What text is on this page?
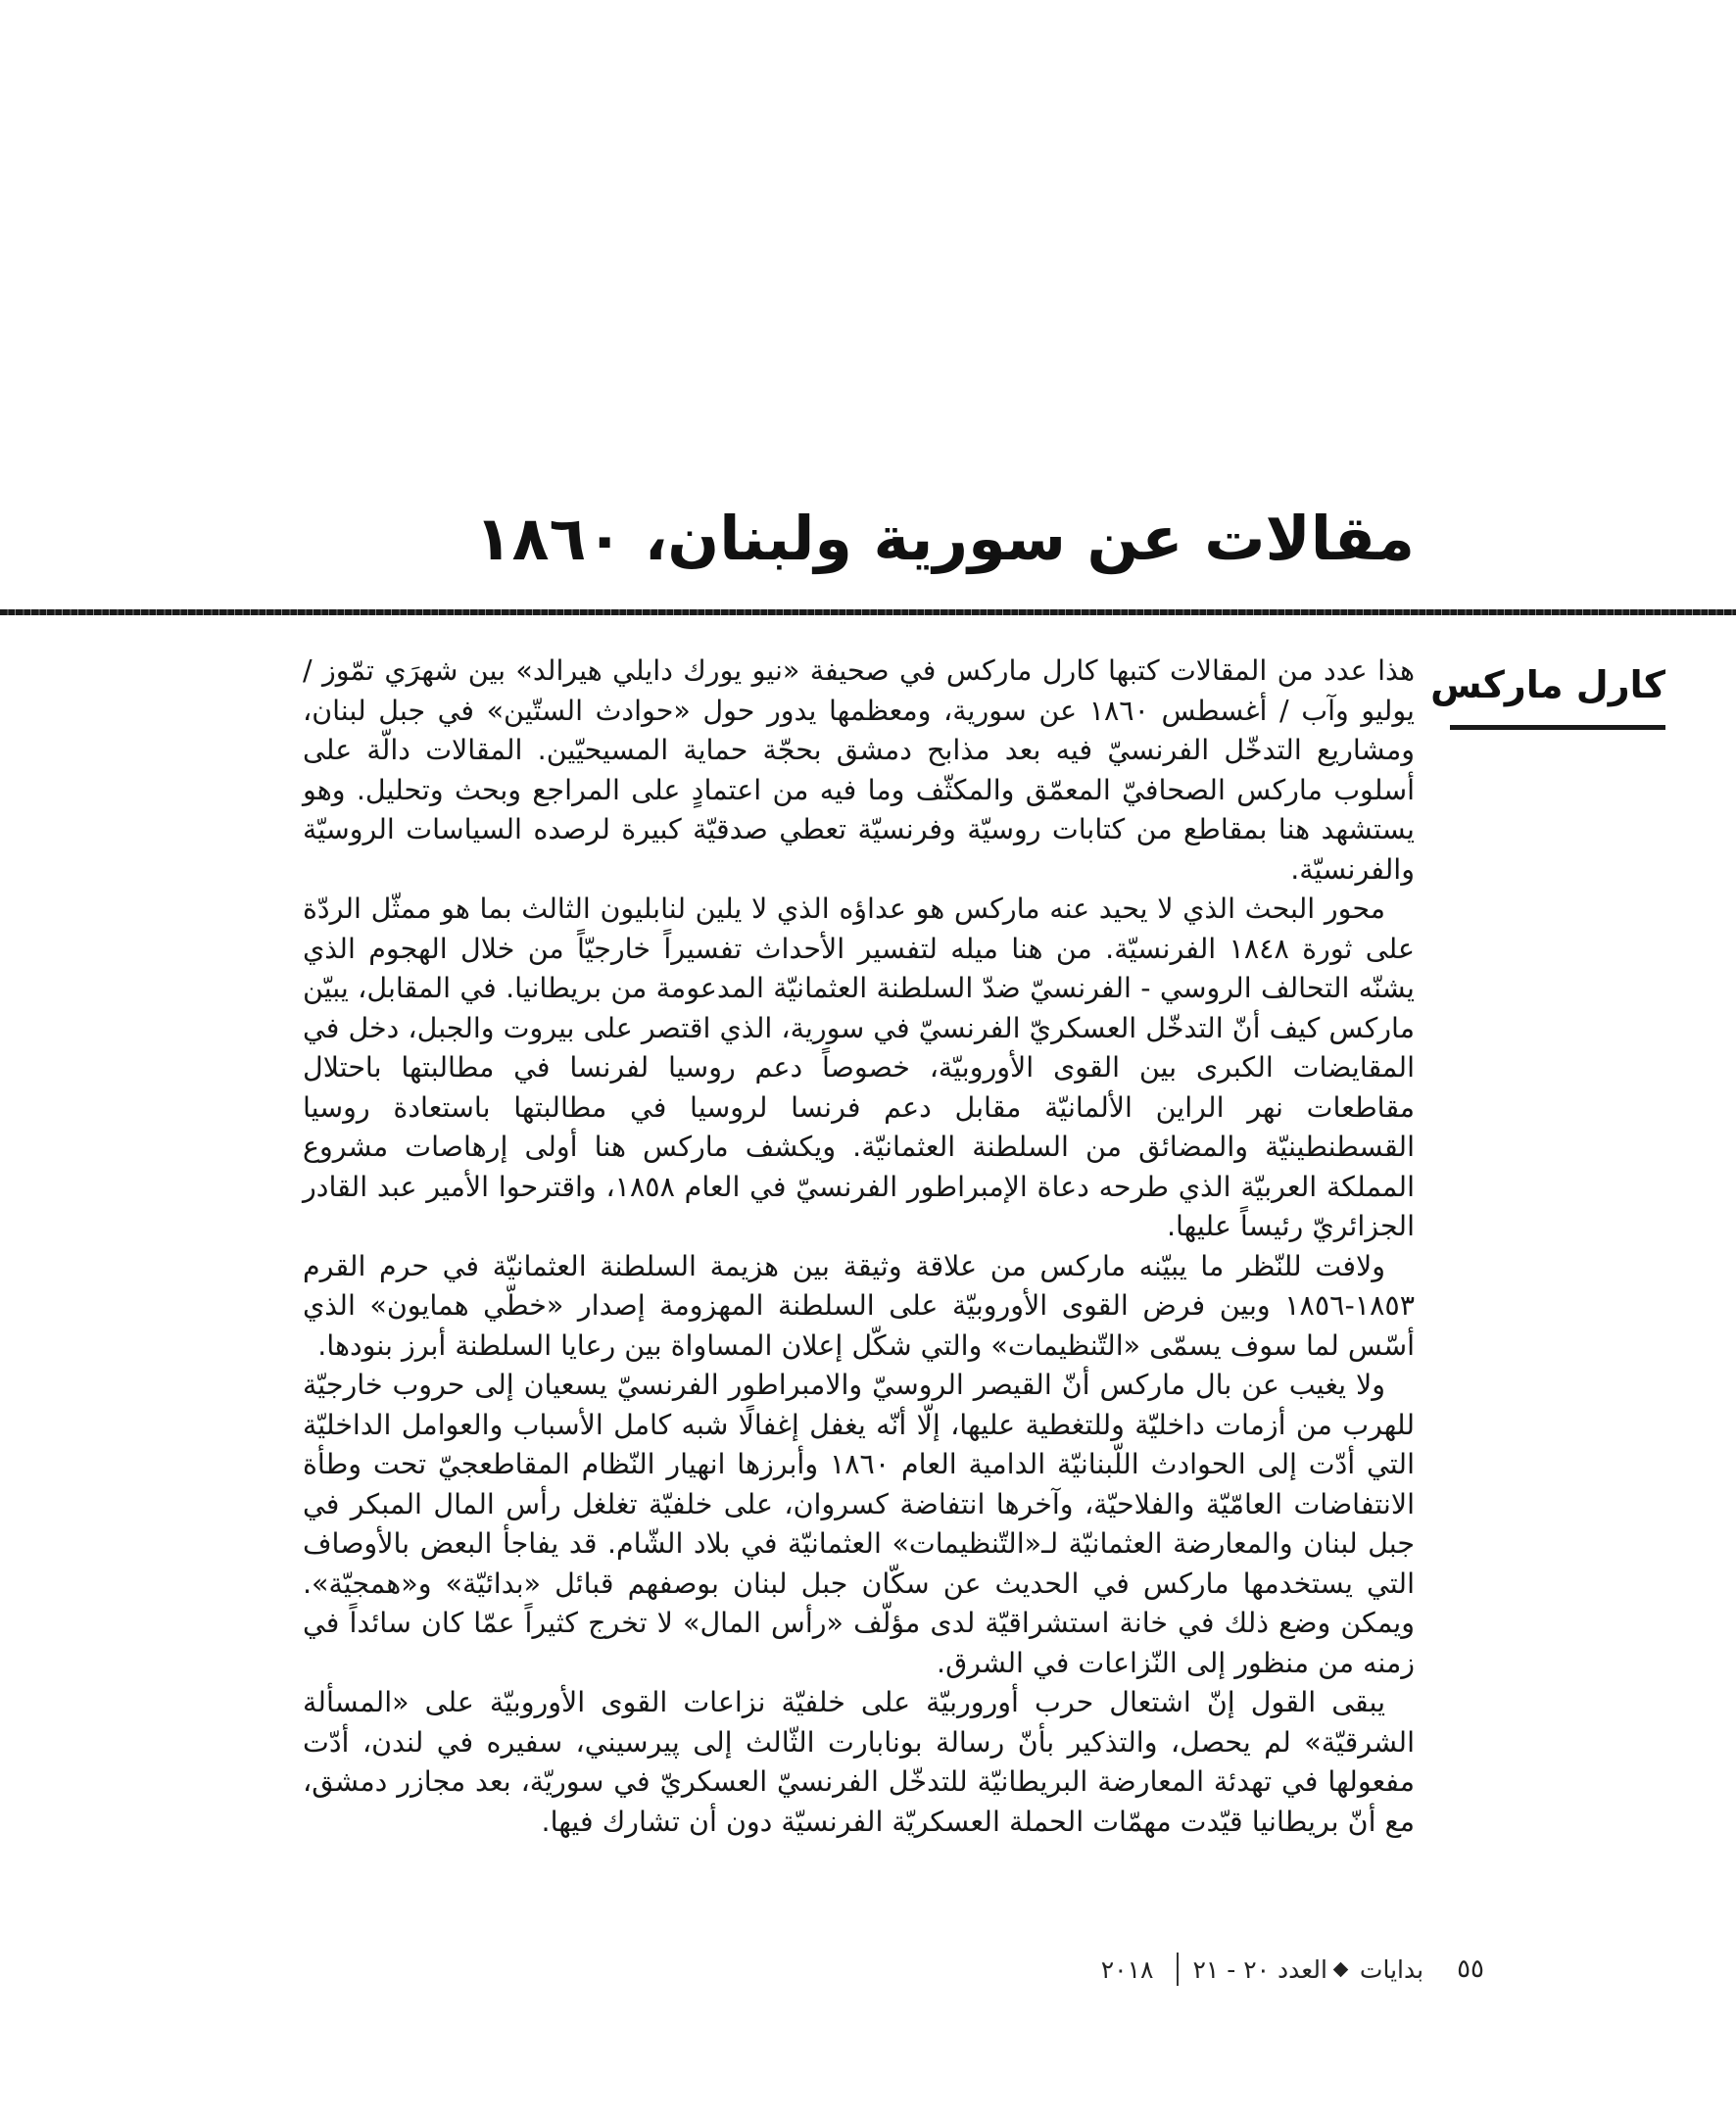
مقالات عن سورية ولبنان، ١٨٦٠
كارل ماركس

هذا عدد من المقالات كتبها كارل ماركس في صحيفة «نيو يورك دايلي هيرالد» بين شهرَي تمّوز / يوليو وآب / أغسطس ١٨٦٠ عن سورية، ومعظمها يدور حول «حوادث الستّين» في جبل لبنان، ومشاريع التدخّل الفرنسيّ فيه بعد مذابح دمشق بحجّة حماية المسيحيّين. المقالات دالّة على أسلوب ماركس الصحافيّ المعمّق والمكثّف وما فيه من اعتمادٍ على المراجع وبحث وتحليل. وهو يستشهد هنا بمقاطع من كتابات روسيّة وفرنسيّة تعطي صدقيّة كبيرة لرصده السياسات الروسيّة والفرنسيّة.

محور البحث الذي لا يحيد عنه ماركس هو عداؤه الذي لا يلين لنابليون الثالث بما هو ممثّل الردّة على ثورة ١٨٤٨ الفرنسيّة. من هنا ميله لتفسير الأحداث تفسيراً خارجيّاً من خلال الهجوم الذي يشنّه التحالف الروسي - الفرنسيّ ضدّ السلطنة العثمانيّة المدعومة من بريطانيا. في المقابل، يبيّن ماركس كيف أنّ التدخّل العسكريّ الفرنسيّ في سورية، الذي اقتصر على بيروت والجبل، دخل في المقايضات الكبرى بين القوى الأوروبيّة، خصوصاً دعم روسيا لفرنسا في مطالبتها باحتلال مقاطعات نهر الراين الألمانيّة مقابل دعم فرنسا لروسيا في مطالبتها باستعادة روسيا القسطنطينيّة والمضائق من السلطنة العثمانيّة. ويكشف ماركس هنا أولى إرهاصات مشروع المملكة العربيّة الذي طرحه دعاة الإمبراطور الفرنسيّ في العام ١٨٥٨، واقترحوا الأمير عبد القادر الجزائريّ رئيساً عليها.

ولافت للنّظر ما يبيّنه ماركس من علاقة وثيقة بين هزيمة السلطنة العثمانيّة في حرم القرم ١٨٥٣-١٨٥٦ وبين فرض القوى الأوروبيّة على السلطنة المهزومة إصدار «خطّي همايون» الذي أسّس لما سوف يسمّى «التّنظيمات» والتي شكّل إعلان المساواة بين رعايا السلطنة أبرز بنودها.

ولا يغيب عن بال ماركس أنّ القيصر الروسيّ والامبراطور الفرنسيّ يسعيان إلى حروب خارجيّة للهرب من أزمات داخليّة وللتغطية عليها، إلّا أنّه يغفل إغفالًا شبه كامل الأسباب والعوامل الداخليّة التي أدّت إلى الحوادث اللّبنانيّة الدامية العام ١٨٦٠ وأبرزها انهيار النّظام المقاطعجيّ تحت وطأة الانتفاضات العامّيّة والفلاحيّة، وآخرها انتفاضة كسروان، على خلفيّة تغلغل رأس المال المبكر في جبل لبنان والمعارضة العثمانيّة لـ«التّنظيمات» العثمانيّة في بلاد الشّام. قد يفاجأ البعض بالأوصاف التي يستخدمها ماركس في الحديث عن سكّان جبل لبنان بوصفهم قبائل «بدائيّة» و«همجيّة». ويمكن وضع ذلك في خانة استشراقيّة لدى مؤلّف «رأس المال» لا تخرج كثيراً عمّا كان سائداً في زمنه من منظور إلى النّزاعات في الشرق.

يبقى القول إنّ اشتعال حرب أوروربيّة على خلفيّة نزاعات القوى الأوروبيّة على «المسألة الشرقيّة» لم يحصل، والتذكير بأنّ رسالة بونابارت الثّالث إلى پيرسيني، سفيره في لندن، أدّت مفعولها في تهدئة المعارضة البريطانيّة للتدخّل الفرنسيّ العسكريّ في سوريّة، بعد مجازر دمشق، مع أنّ بريطانيا قيّدت مهمّات الحملة العسكريّة الفرنسيّة دون أن تشارك فيها.

٥٥
بدايات
العدد ٢٠ - ٢١
٢٠١٨
